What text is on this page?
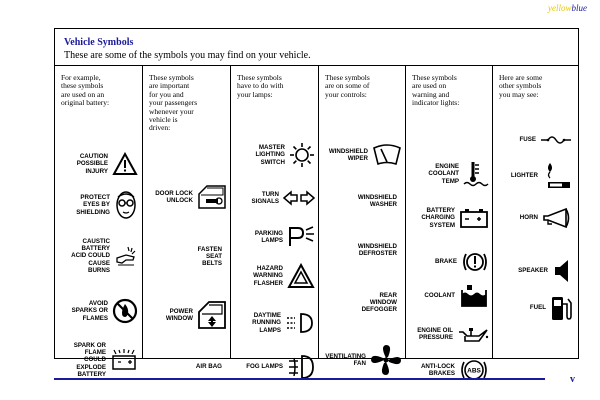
yellowblue
Vehicle Symbols
These are some of the symbols you may find on your vehicle.
For example,
these symbols
are used on an
original battery:
CAUTION
POSSIBLE
INJURY
PROTECT
EYES BY
SHIELDING
CAUSTIC
BATTERY
ACID COULD
CAUSE
BURNS
AVOID
SPARKS OR
FLAMES
SPARK OR
FLAME
COULD
EXPLODE
BATTERY
These symbols
are important
for you and
your passengers
whenever your
vehicle is
driven:
DOOR LOCK
UNLOCK
FASTEN
SEAT
BELTS
POWER
WINDOW
AIR BAG
These symbols
have to do with
your lamps:
MASTER
LIGHTING
SWITCH
TURN
SIGNALS
PARKING
LAMPS
HAZARD
WARNING
FLASHER
DAYTIME
RUNNING
LAMPS
FOG LAMPS
These symbols
are on some of
your controls:
WINDSHIELD
WIPER
WINDSHIELD
WASHER
WINDSHIELD
DEFROSTER
REAR
WINDOW
DEFOGGER
VENTILATING
FAN
These symbols
are used on
warning and
indicator lights:
ENGINE
COOLANT
TEMP
BATTERY
CHARGING
SYSTEM
BRAKE
COOLANT
ENGINE OIL
PRESSURE
ANTI-LOCK
BRAKES ABS
Here are some
other symbols
you may see:
FUSE
LIGHTER
HORN
SPEAKER
FUEL
v
